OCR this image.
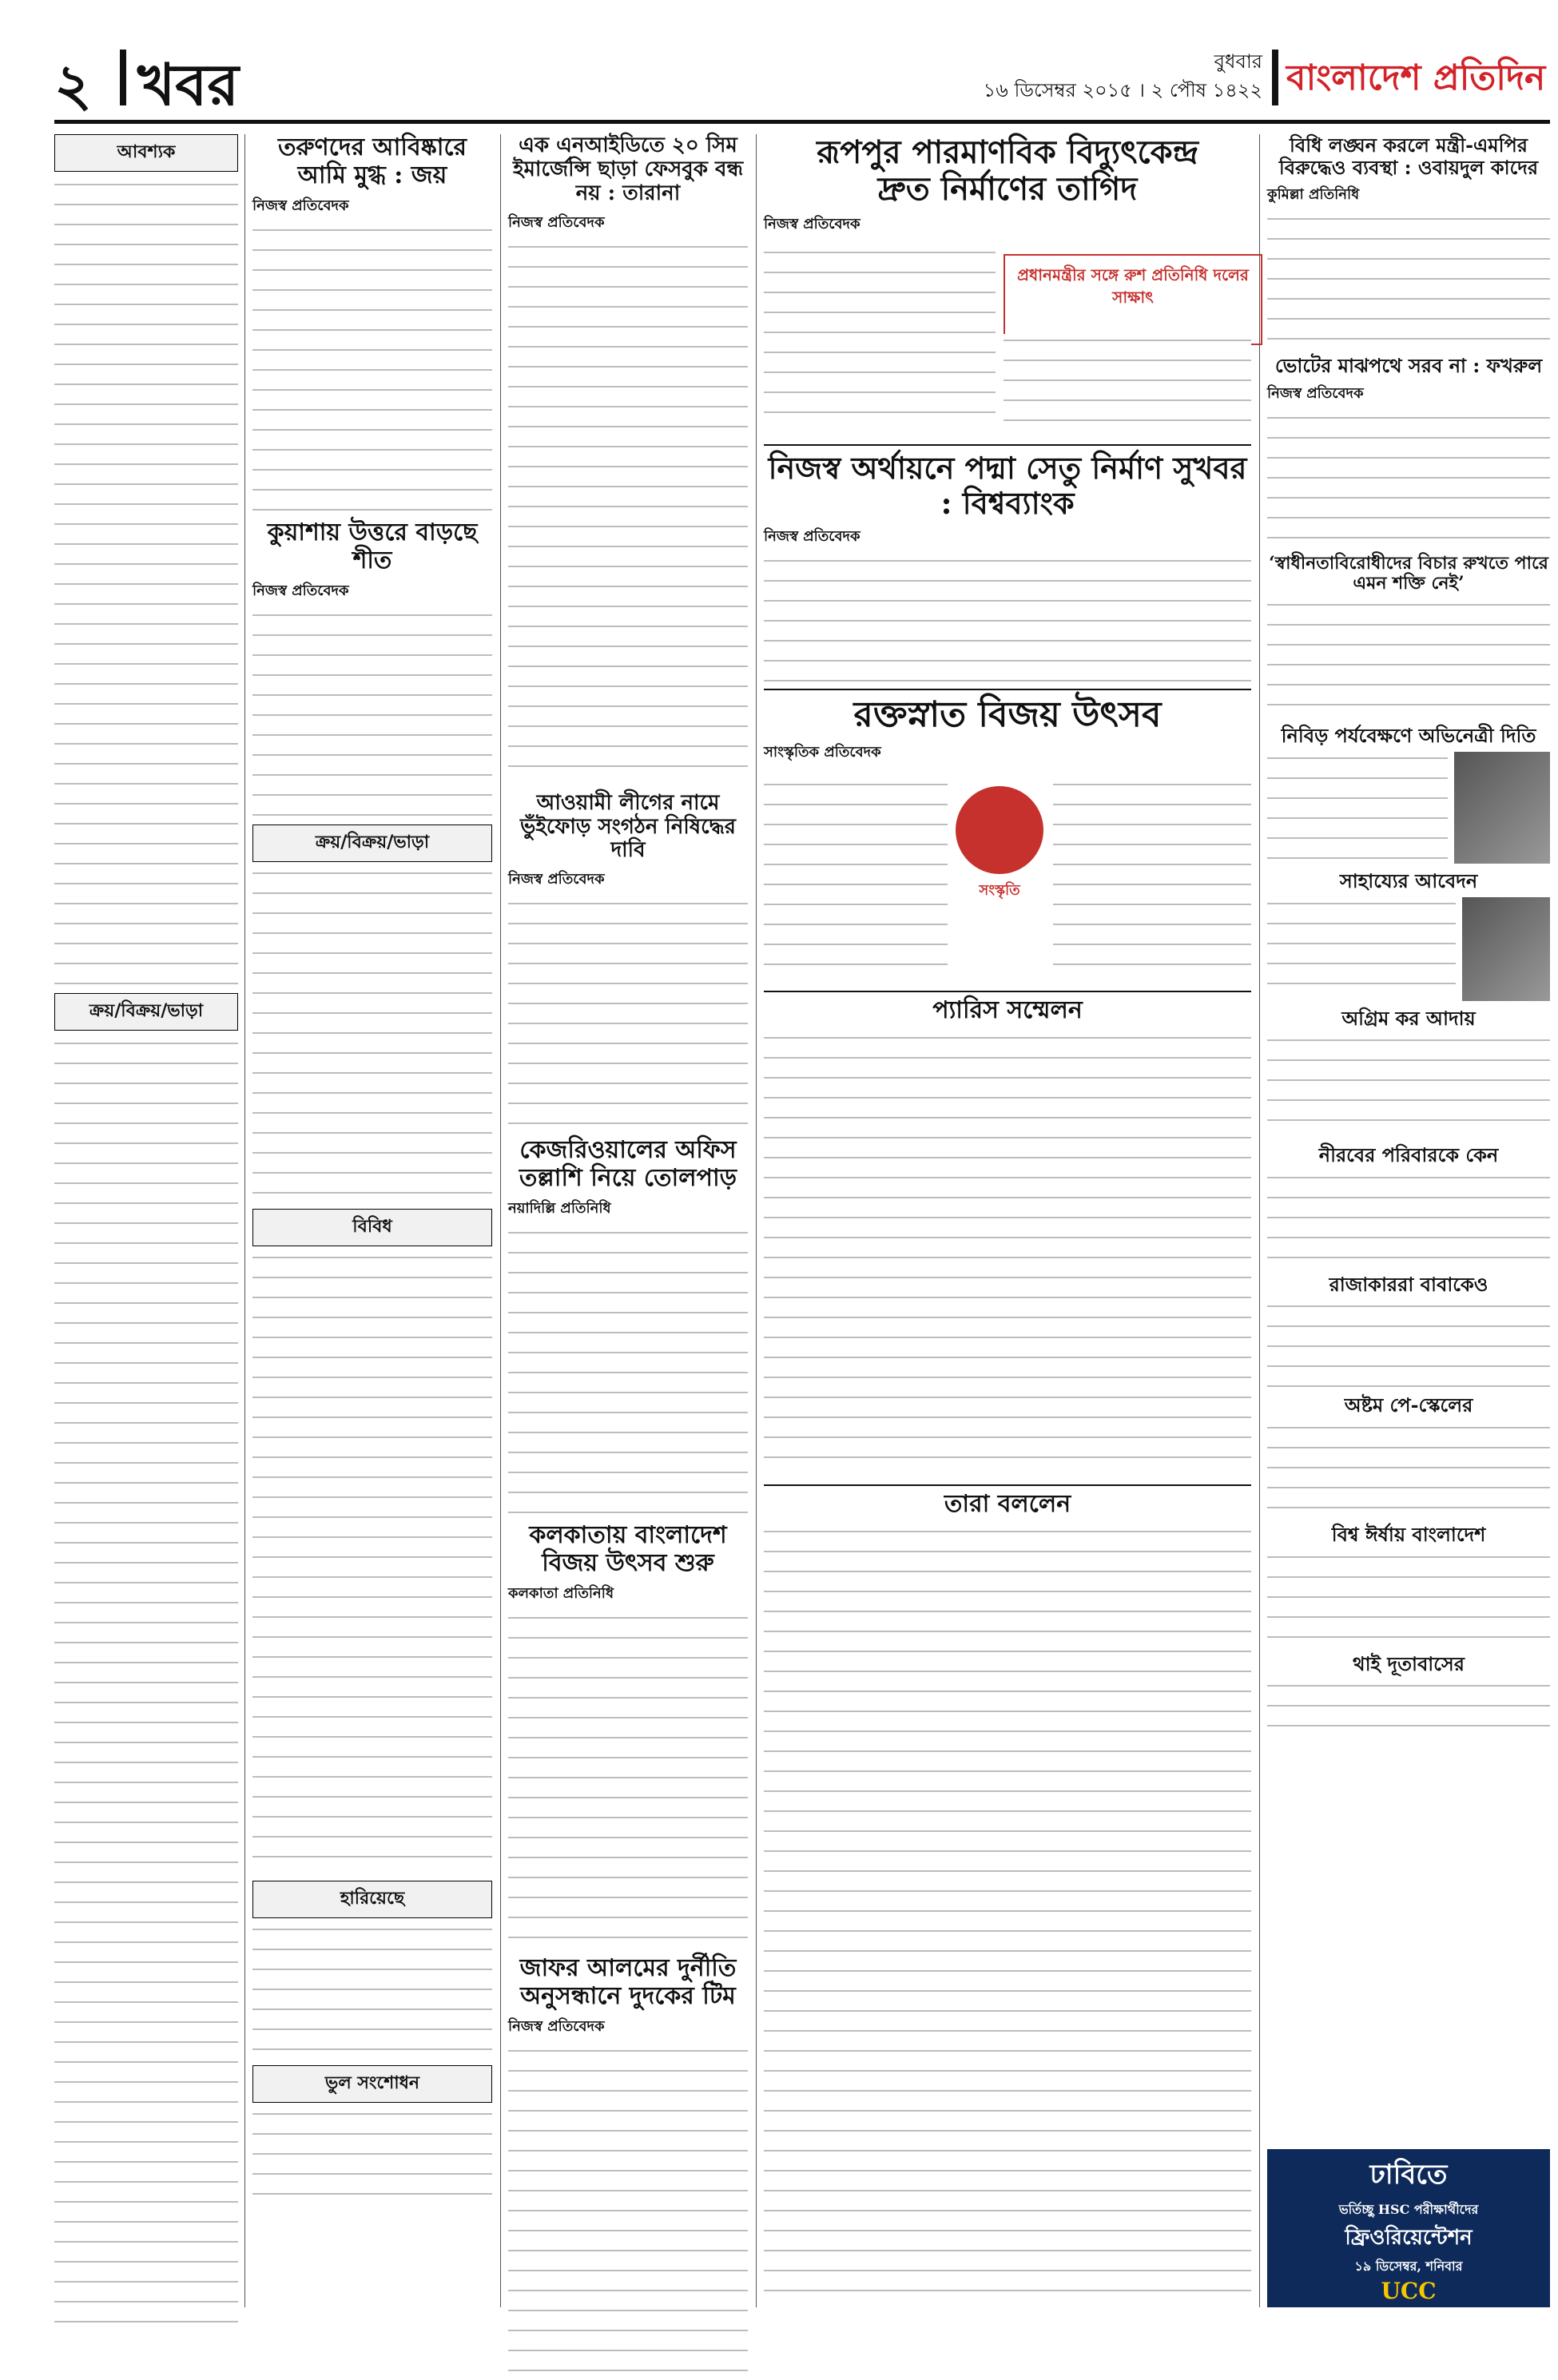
২ খবর	বুধবার
১৬ ডিসেম্বর ২০১৫ । ২ পৌষ ১৪২২ বাংলাদেশ প্রতিদিন
আবশ্যক
ক্রয়/বিক্রয়/ভাড়া
তরুণদের আবিষ্কারে আমি মুগ্ধ : জয়
নিজস্ব প্রতিবেদক
কুয়াশায় উত্তরে বাড়ছে শীত
নিজস্ব প্রতিবেদক
ক্রয়/বিক্রয়/ভাড়া
বিবিধ
হারিয়েছে
ভুল সংশোধন
এক এনআইডিতে ২০ সিম ইমার্জেন্সি ছাড়া ফেসবুক বন্ধ নয় : তারানা
নিজস্ব প্রতিবেদক
আওয়ামী লীগের নামে ভুঁইফোড় সংগঠন নিষিদ্ধের দাবি
নিজস্ব প্রতিবেদক
কেজরিওয়ালের অফিস তল্লাশি নিয়ে তোলপাড়
নয়াদিল্লি প্রতিনিধি
কলকাতায় বাংলাদেশ বিজয় উৎসব শুরু
কলকাতা প্রতিনিধি
জাফর আলমের দুর্নীতি অনুসন্ধানে দুদকের টিম
নিজস্ব প্রতিবেদক
রূপপুর পারমাণবিক বিদ্যুৎকেন্দ্র
দ্রুত নির্মাণের তাগিদ
নিজস্ব প্রতিবেদক
প্রধানমন্ত্রীর সঙ্গে রুশ প্রতিনিধি দলের সাক্ষাৎ
নিজস্ব অর্থায়নে পদ্মা সেতু নির্মাণ সুখবর : বিশ্বব্যাংক
নিজস্ব প্রতিবেদক
রক্তস্নাত বিজয় উৎসব
সাংস্কৃতিক প্রতিবেদক
সংস্কৃতি
প্যারিস সম্মেলন
তারা বললেন
বিধি লঙ্ঘন করলে মন্ত্রী-এমপির বিরুদ্ধেও ব্যবস্থা : ওবায়দুল কাদের
কুমিল্লা প্রতিনিধি
ভোটের মাঝপথে সরব না : ফখরুল
নিজস্ব প্রতিবেদক
‘স্বাধীনতাবিরোধীদের বিচার রুখতে পারে এমন শক্তি নেই’
নিবিড় পর্যবেক্ষণে অভিনেত্রী দিতি
সাহায্যের আবেদন
অগ্রিম কর আদায়
নীরবের পরিবারকে কেন
রাজাকাররা বাবাকেও
অষ্টম পে-স্কেলের
বিশ্ব ঈর্ষায় বাংলাদেশ
থাই দূতাবাসের
ঢাবিতে
ভর্তিচ্ছু HSC পরীক্ষার্থীদের
ফ্রিওরিয়েন্টেশন
১৯ ডিসেম্বর, শনিবার
UCC
অদল বদল অফার
